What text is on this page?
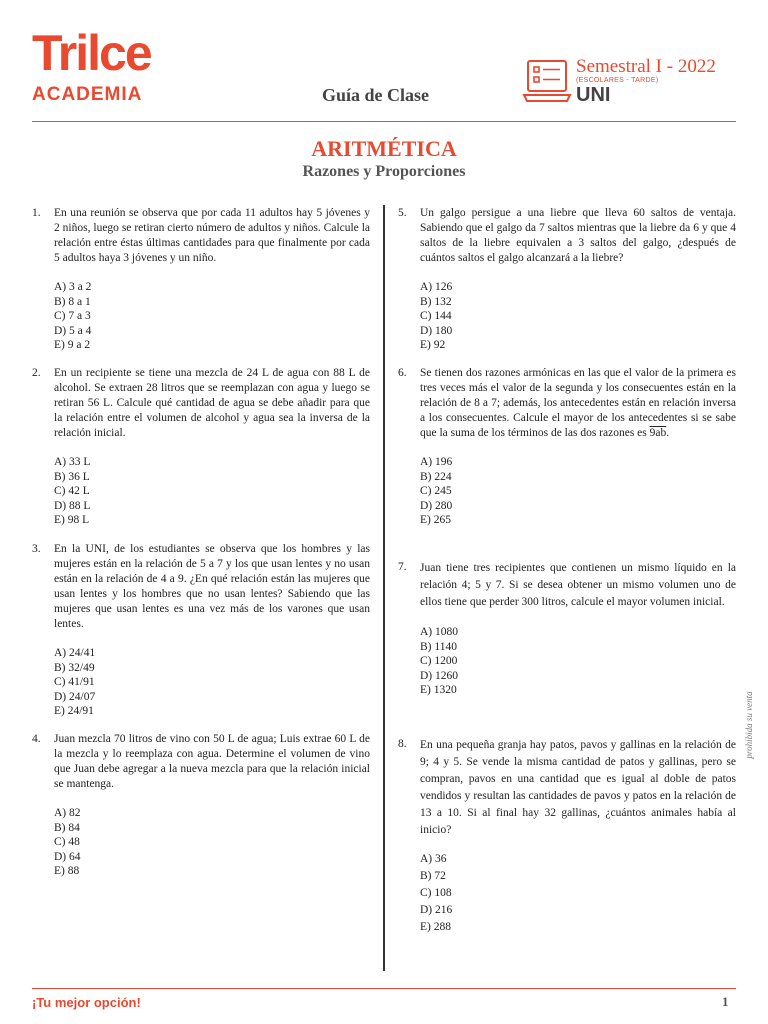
Trilce
ACADEMIA	Guía de Clase
Semestral I - 2022
(ESCOLARES - TARDE)
UNI
ARITMÉTICA
Razones y Proporciones
1. En una reunión se observa que por cada 11 adultos hay 5 jóvenes y 2 niños, luego se retiran cierto número de adultos y niños. Calcule la relación entre éstas últimas cantidades para que finalmente por cada 5 adultos haya 3 jóvenes y un niño.
A) 3 a 2
B) 8 a 1
C) 7 a 3
D) 5 a 4
E) 9 a 2
2. En un recipiente se tiene una mezcla de 24 L de agua con 88 L de alcohol. Se extraen 28 litros que se reemplazan con agua y luego se retiran 56 L. Calcule qué cantidad de agua se debe añadir para que la relación entre el volumen de alcohol y agua sea la inversa de la relación inicial.
A) 33 L
B) 36 L
C) 42 L
D) 88 L
E) 98 L
3. En la UNI, de los estudiantes se observa que los hombres y las mujeres están en la relación de 5 a 7 y los que usan lentes y no usan están en la relación de 4 a 9. ¿En qué relación están las mujeres que usan lentes y los hombres que no usan lentes? Sabiendo que las mujeres que usan lentes es una vez más de los varones que usan lentes.
A) 24/41
B) 32/49
C) 41/91
D) 24/07
E) 24/91
4. Juan mezcla 70 litros de vino con 50 L de agua; Luis extrae 60 L de la mezcla y lo reemplaza con agua. Determine el volumen de vino que Juan debe agregar a la nueva mezcla para que la relación inicial se mantenga.
A) 82
B) 84
C) 48
D) 64
E) 88
5. Un galgo persigue a una liebre que lleva 60 saltos de ventaja. Sabiendo que el galgo da 7 saltos mientras que la liebre da 6 y que 4 saltos de la liebre equivalen a 3 saltos del galgo, ¿después de cuántos saltos el galgo alcanzará a la liebre?
A) 126
B) 132
C) 144
D) 180
E) 92
6. Se tienen dos razones armónicas en las que el valor de la primera es tres veces más el valor de la segunda y los consecuentes están en la relación de 8 a 7; además, los antecedentes están en relación inversa a los consecuentes. Calcule el mayor de los antecedentes si se sabe que la suma de los términos de las dos razones es 9ab.
A) 196
B) 224
C) 245
D) 280
E) 265
7. Juan tiene tres recipientes que contienen un mismo líquido en la relación 4; 5 y 7. Si se desea obtener un mismo volumen uno de ellos tiene que perder 300 litros, calcule el mayor volumen inicial.
A) 1080
B) 1140
C) 1200
D) 1260
E) 1320
8. En una pequeña granja hay patos, pavos y gallinas en la relación de 9; 4 y 5. Se vende la misma cantidad de patos y gallinas, pero se compran, pavos en una cantidad que es igual al doble de patos vendidos y resultan las cantidades de pavos y patos en la relación de 13 a 10. Si al final hay 32 gallinas, ¿cuántos animales había al inicio?
A) 36
B) 72
C) 108
D) 216
E) 288
prohibida su venta
¡Tu mejor opción!	1
